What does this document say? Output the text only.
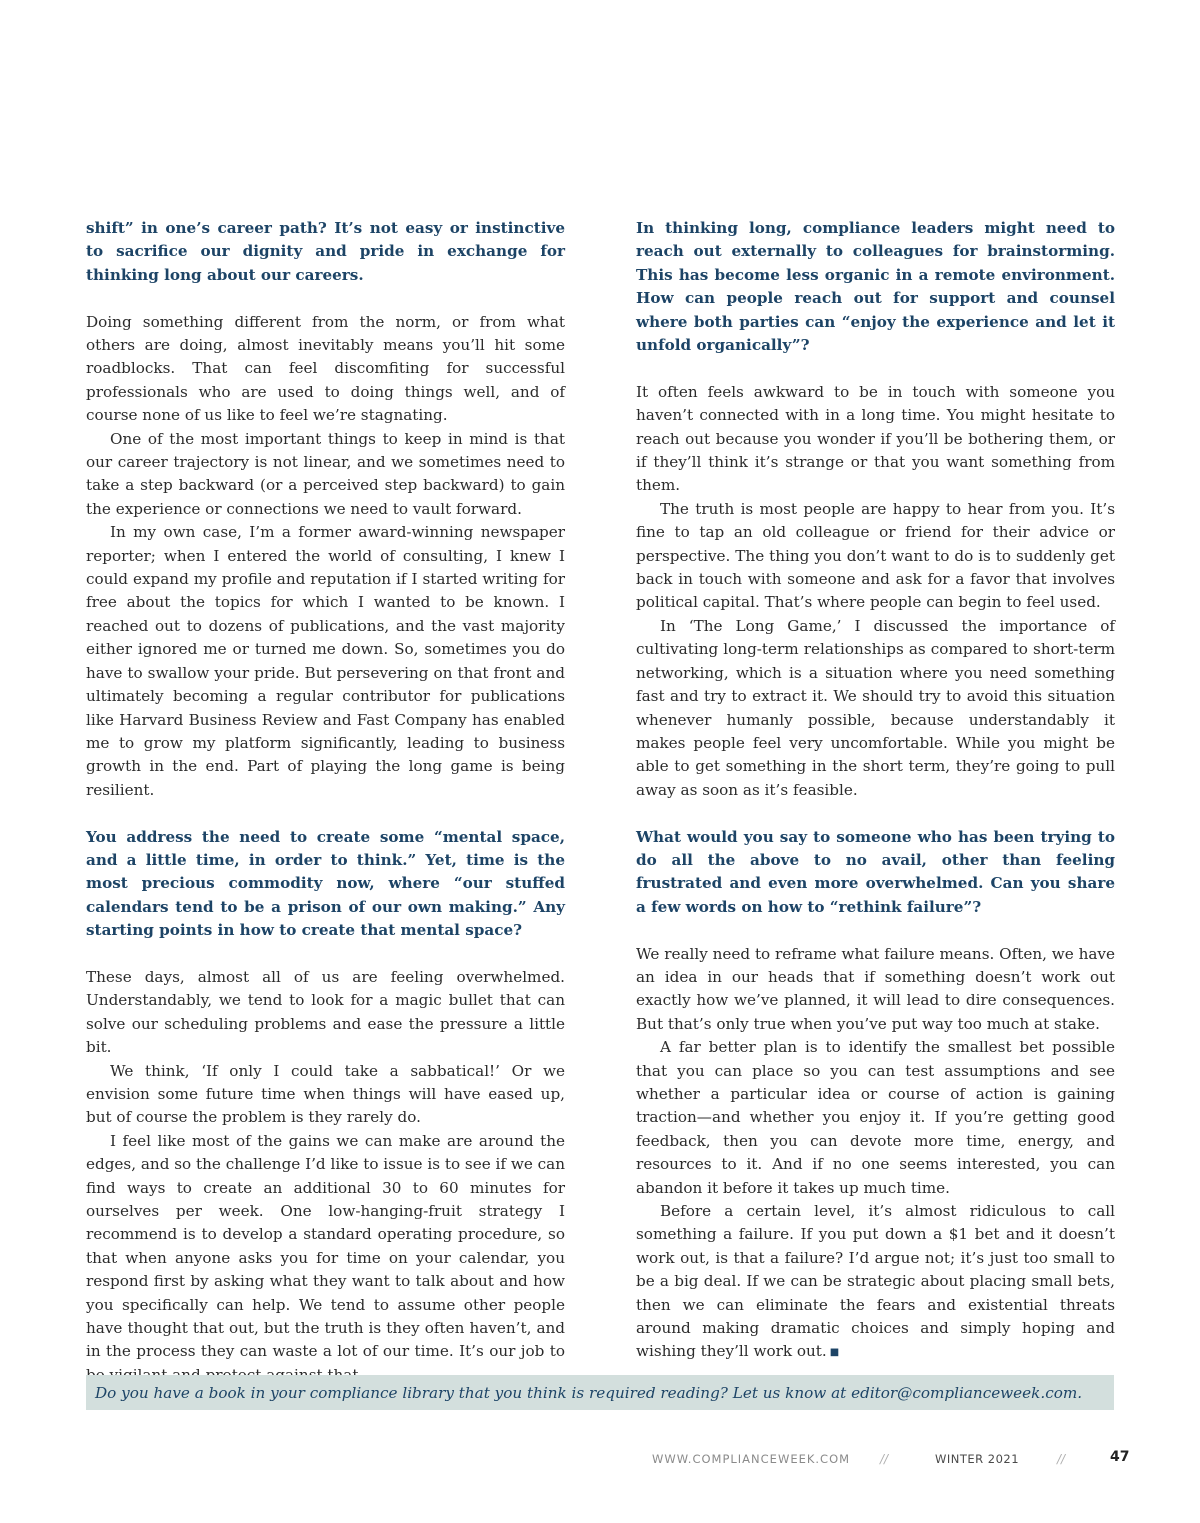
shift” in one’s career path? It’s not easy or instinctive to sacrifice our dignity and pride in exchange for thinking long about our careers.

Doing something different from the norm, or from what others are doing, almost inevitably means you’ll hit some roadblocks. That can feel discomfiting for successful professionals who are used to doing things well, and of course none of us like to feel we’re stagnating.

One of the most important things to keep in mind is that our career trajectory is not linear, and we sometimes need to take a step backward (or a perceived step backward) to gain the experience or connections we need to vault forward.

In my own case, I’m a former award-winning newspaper reporter; when I entered the world of consulting, I knew I could expand my profile and reputation if I started writing for free about the topics for which I wanted to be known. I reached out to dozens of publications, and the vast majority either ignored me or turned me down. So, sometimes you do have to swallow your pride. But persevering on that front and ultimately becoming a regular contributor for publications like Harvard Business Review and Fast Company has enabled me to grow my platform significantly, leading to business growth in the end. Part of playing the long game is being resilient.

You address the need to create some “mental space, and a little time, in order to think.” Yet, time is the most precious commodity now, where “our stuffed calendars tend to be a prison of our own making.” Any starting points in how to create that mental space?

These days, almost all of us are feeling overwhelmed. Understandably, we tend to look for a magic bullet that can solve our scheduling problems and ease the pressure a little bit.

We think, ‘If only I could take a sabbatical!’ Or we envision some future time when things will have eased up, but of course the problem is they rarely do.

I feel like most of the gains we can make are around the edges, and so the challenge I’d like to issue is to see if we can find ways to create an additional 30 to 60 minutes for ourselves per week. One low-hanging-fruit strategy I recommend is to develop a standard operating procedure, so that when anyone asks you for time on your calendar, you respond first by asking what they want to talk about and how you specifically can help. We tend to assume other people have thought that out, but the truth is they often haven’t, and in the process they can waste a lot of our time. It’s our job to

In thinking long, compliance leaders might need to reach out externally to colleagues for brainstorming. This has become less organic in a remote environment. How can people reach out for support and counsel where both parties can “enjoy the experience and let it unfold organically”?

It often feels awkward to be in touch with someone you haven’t connected with in a long time. You might hesitate to reach out because you wonder if you’ll be bothering them, or if they’ll think it’s strange or that you want something from them.

The truth is most people are happy to hear from you. It’s fine to tap an old colleague or friend for their advice or perspective. The thing you don’t want to do is to suddenly get back in touch with someone and ask for a favor that involves political capital. That’s where people can begin to feel used.

In ‘The Long Game,’ I discussed the importance of cultivating long-term relationships as compared to short-term networking, which is a situation where you need something fast and try to extract it. We should try to avoid this situation whenever humanly possible, because understandably it makes people feel very uncomfortable. While you might be able to get something in the short term, they’re going to pull away as soon as it’s feasible.

What would you say to someone who has been trying to do all the above to no avail, other than feeling frustrated and even more overwhelmed. Can you share a few words on how to “rethink failure”?

We really need to reframe what failure means. Often, we have an idea in our heads that if something doesn’t work out exactly how we’ve planned, it will lead to dire consequences. But that’s only true when you’ve put way too much at stake.

A far better plan is to identify the smallest bet possible that you can place so you can test assumptions and see whether a particular idea or course of action is gaining traction—and whether you enjoy it. If you’re getting good feedback, then you can devote more time, energy, and resources to it. And if no one seems interested, you can abandon it before it takes up much time.

Before a certain level, it’s almost ridiculous to call something a failure. If you put down a $1 bet and it doesn’t work out, is that a failure? I’d argue not; it’s just too small to be a big deal. If we can be strategic about placing small bets, then we can eliminate the fears and existential threats around making dramatic choices and simply hoping and wishing they’ll work out. ■

Do you have a book in your compliance library that you think is required reading? Let us know at editor@complianceweek.com.
WWW.COMPLIANCEWEEK.COM //	WINTER 2021	//	47
